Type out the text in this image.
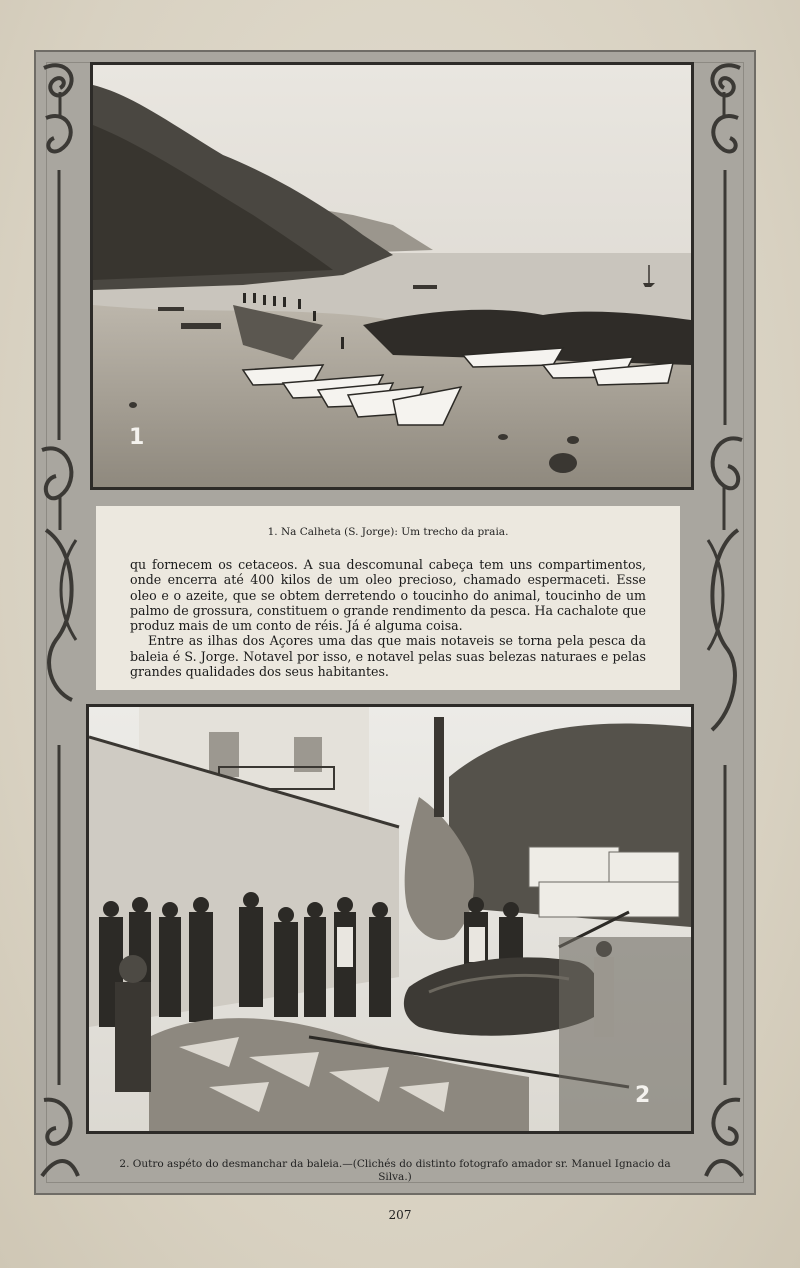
1
1. Na Calheta (S. Jorge): Um trecho da praia.

qu fornecem os cetaceos. A sua descomunal cabeça tem uns compartimentos, onde encerra até 400 kilos de um oleo precioso, chamado espermaceti. Esse oleo e o azeite, que se obtem derretendo o toucinho do animal, toucinho de um palmo de grossura, constituem o grande rendimento da pesca. Ha cachalote que produz mais de um conto de réis. Já é alguma coisa.

Entre as ilhas dos Açores uma das que mais notaveis se torna pela pesca da baleia é S. Jorge. Notavel por isso, e notavel pelas suas belezas naturaes e pelas grandes qualidades dos seus habitantes.

2
2. Outro aspéto do desmanchar da baleia.—(Clichés do distinto fotografo amador sr. Manuel Ignacio da Silva.)
207
